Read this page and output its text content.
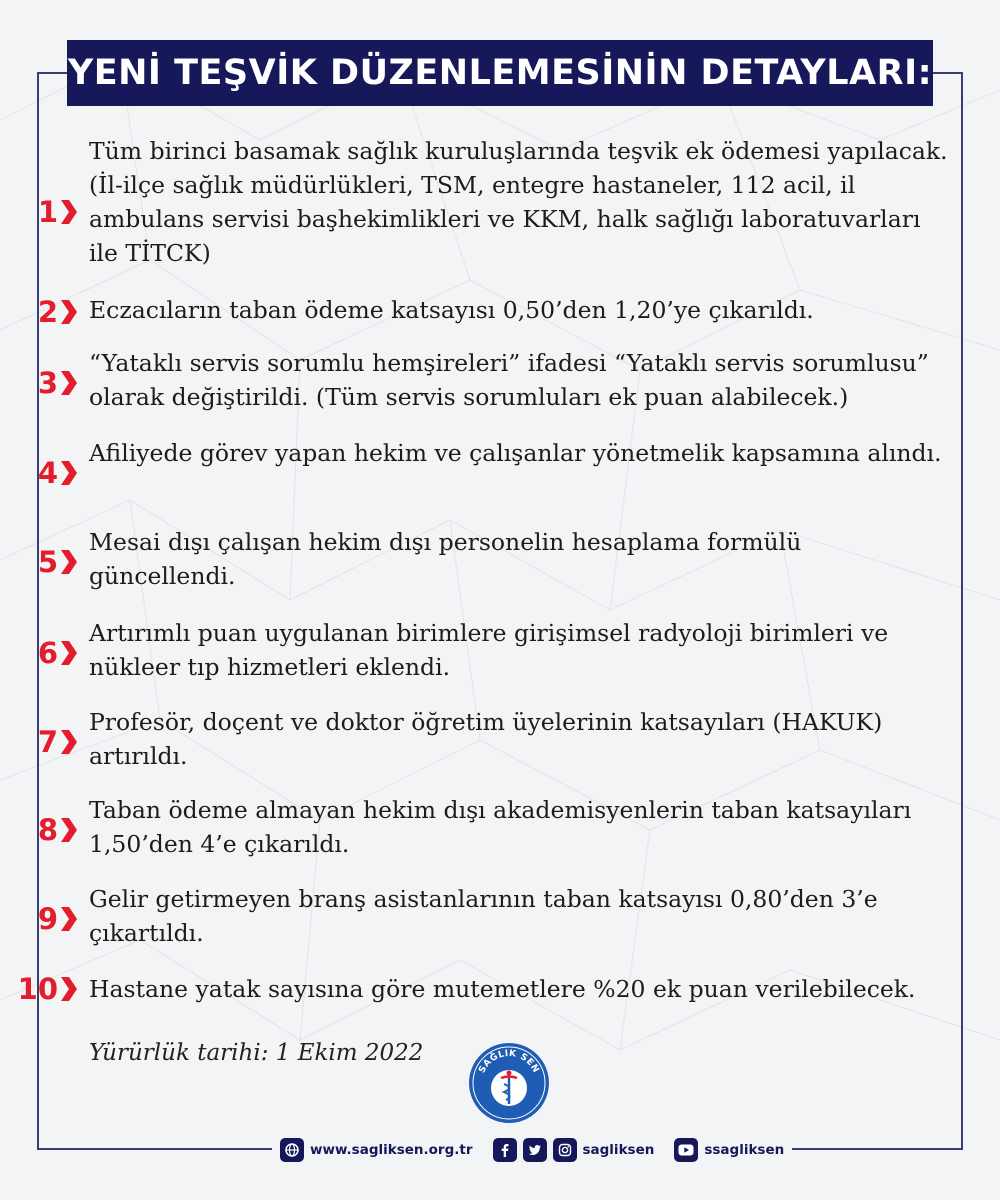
YENİ TEŞVİK DÜZENLEMESİNİN DETAYLARI:
1
Tüm birinci basamak sağlık kuruluşlarında teşvik ek ödemesi yapılacak. (İl-ilçe sağlık müdürlükleri, TSM, entegre hastaneler, 112 acil, il ambulans servisi başhekimlikleri ve KKM, halk sağlığı laboratuvarları ile TİTCK)
2 Eczacıların taban ödeme katsayısı 0,50’den 1,20’ye çıkarıldı.
3
“Yataklı servis sorumlu hemşireleri” ifadesi “Yataklı servis sorumlusu” olarak değiştirildi. (Tüm servis sorumluları ek puan alabilecek.)
4
Afiliyede görev yapan hekim ve çalışanlar yönetmelik kapsamına alındı.
5
Mesai dışı çalışan hekim dışı personelin hesaplama formülü güncellendi.
6
Artırımlı puan uygulanan birimlere girişimsel radyoloji birimleri ve nükleer tıp hizmetleri eklendi.
7
Profesör, doçent ve doktor öğretim üyelerinin katsayıları (HAKUK) artırıldı.
8
Taban ödeme almayan hekim dışı akademisyenlerin taban katsayıları 1,50’den 4’e çıkarıldı.
9
Gelir getirmeyen branş asistanlarının taban katsayısı 0,80’den 3’e çıkartıldı.
10 Hastane yatak sayısına göre mutemetlere %20 ek puan verilebilecek.
Yürürlük tarihi: 1 Ekim 2022
SAĞLIK SEN
www.sagliksen.org.tr	sagliksen	ssagliksen
